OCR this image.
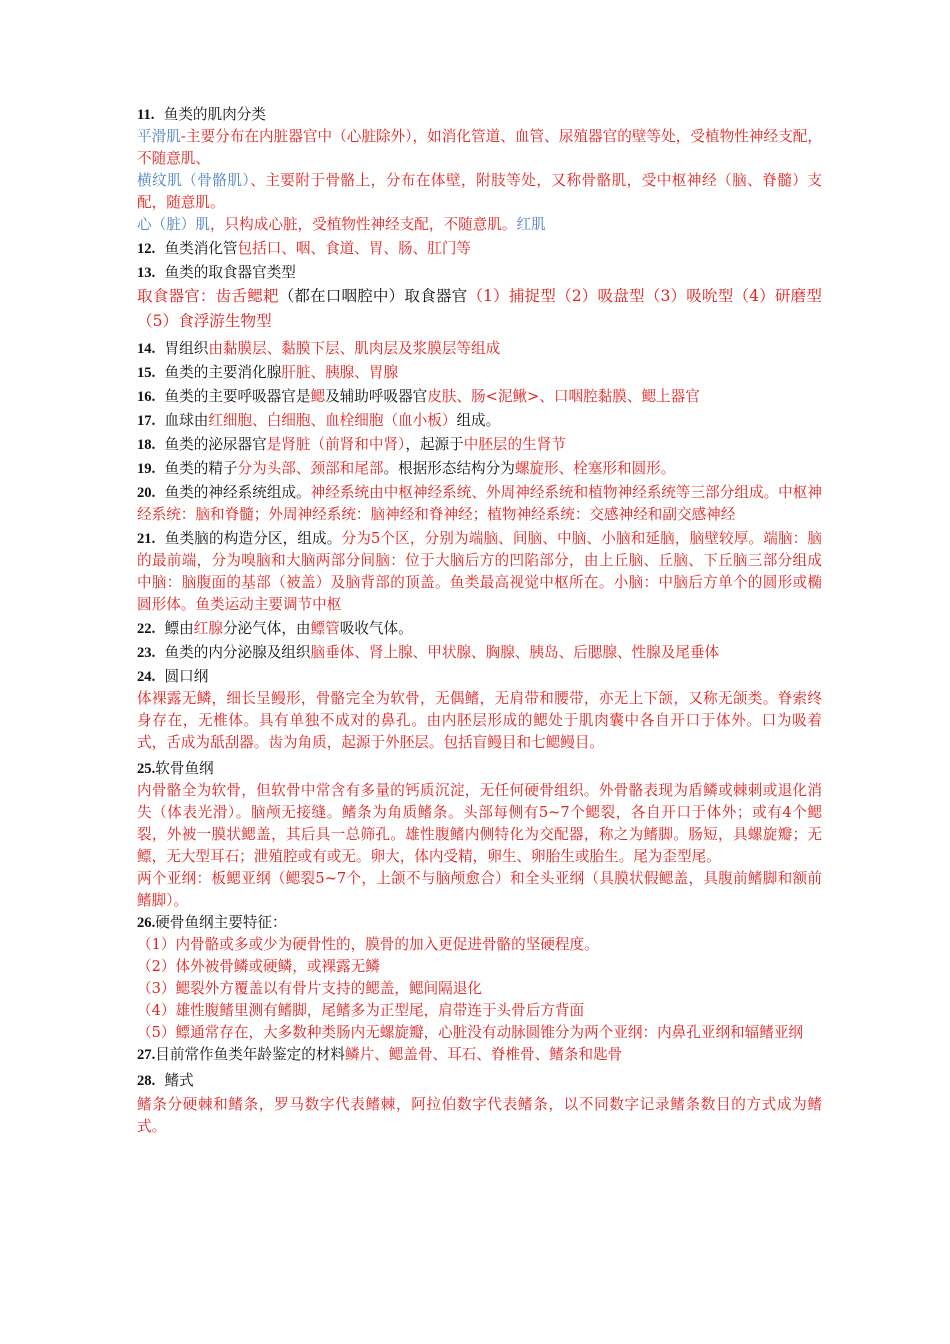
11. 鱼类的肌肉分类

平滑肌-主要分布在内脏器官中（心脏除外），如消化管道、血管、尿殖器官的壁等处，受植物性神经支配，不随意肌、

横纹肌（骨骼肌）、主要附于骨骼上，分布在体壁，附肢等处，又称骨骼肌，受中枢神经（脑、脊髓）支配，随意肌。

心（脏）肌，只构成心脏，受植物性神经支配，不随意肌。红肌

12. 鱼类消化管包括口、咽、食道、胃、肠、肛门等
13. 鱼类的取食器官类型

取食器官：齿舌鳃耙（都在口咽腔中）取食器官（1）捕捉型（2）吸盘型（3）吸吮型（4）研磨型（5）食浮游生物型

14. 胃组织由黏膜层、黏膜下层、肌肉层及浆膜层等组成
15. 鱼类的主要消化腺肝脏、胰腺、胃腺
16. 鱼类的主要呼吸器官是鳃及辅助呼吸器官皮肤、肠<泥鳅>、口咽腔黏膜、鳃上器官
17. 血球由红细胞、白细胞、血栓细胞（血小板）组成。
18. 鱼类的泌尿器官是肾脏（前肾和中肾），起源于中胚层的生肾节
19. 鱼类的精子分为头部、颈部和尾部。根据形态结构分为螺旋形、栓塞形和圆形。

20. 鱼类的神经系统组成。神经系统由中枢神经系统、外周神经系统和植物神经系统等三部分组成。中枢神经系统：脑和脊髓；外周神经系统：脑神经和脊神经；植物神经系统：交感神经和副交感神经

21. 鱼类脑的构造分区，组成。分为5个区，分别为端脑、间脑、中脑、小脑和延脑，脑壁较厚。端脑：脑的最前端，分为嗅脑和大脑两部分间脑：位于大脑后方的凹陷部分，由上丘脑、丘脑、下丘脑三部分组成中脑：脑腹面的基部（被盖）及脑背部的顶盖。鱼类最高视觉中枢所在。小脑：中脑后方单个的圆形或椭圆形体。鱼类运动主要调节中枢

22. 鳔由红腺分泌气体，由鳔管吸收气体。
23. 鱼类的内分泌腺及组织脑垂体、肾上腺、甲状腺、胸腺、胰岛、后腮腺、性腺及尾垂体
24. 圆口纲

体裸露无鳞，细长呈鳗形，骨骼完全为软骨，无偶鳍，无肩带和腰带，亦无上下颌，又称无颌类。脊索终身存在，无椎体。具有单独不成对的鼻孔。由内胚层形成的鳃处于肌肉囊中各自开口于体外。口为吸着式，舌成为舐刮器。齿为角质，起源于外胚层。包括盲鳗目和七鳃鳗目。

25.软骨鱼纲

内骨骼全为软骨，但软骨中常含有多量的钙质沉淀，无任何硬骨组织。外骨骼表现为盾鳞或棘刺或退化消失（体表光滑）。脑颅无接缝。鳍条为角质鳍条。头部每侧有5~7个鳃裂，各自开口于体外；或有4个鳃裂，外被一膜状鳃盖，其后具一总筛孔。雄性腹鳍内侧特化为交配器，称之为鳍脚。肠短，具螺旋瓣；无鳔，无大型耳石；泄殖腔或有或无。卵大，体内受精，卵生、卵胎生或胎生。尾为歪型尾。

两个亚纲：板鳃亚纲（鳃裂5~7个，上颌不与脑颅愈合）和全头亚纲（具膜状假鳃盖，具腹前鳍脚和额前鳍脚）。

26.硬骨鱼纲主要特征：

（1）内骨骼或多或少为硬骨性的，膜骨的加入更促进骨骼的坚硬程度。

（2）体外被骨鳞或硬鳞，或裸露无鳞

（3）鳃裂外方覆盖以有骨片支持的鳃盖，鳃间隔退化

（4）雄性腹鳍里测有鳍脚，尾鳍多为正型尾，肩带连于头骨后方背面

（5）鳔通常存在，大多数种类肠内无螺旋瓣，心脏没有动脉圆锥分为两个亚纲：内鼻孔亚纲和辐鳍亚纲

27.目前常作鱼类年龄鉴定的材料鳞片、鳃盖骨、耳石、脊椎骨、鳍条和匙骨
28. 鳍式

鳍条分硬棘和鳍条，罗马数字代表鳍棘，阿拉伯数字代表鳍条，以不同数字记录鳍条数目的方式成为鳍式。
